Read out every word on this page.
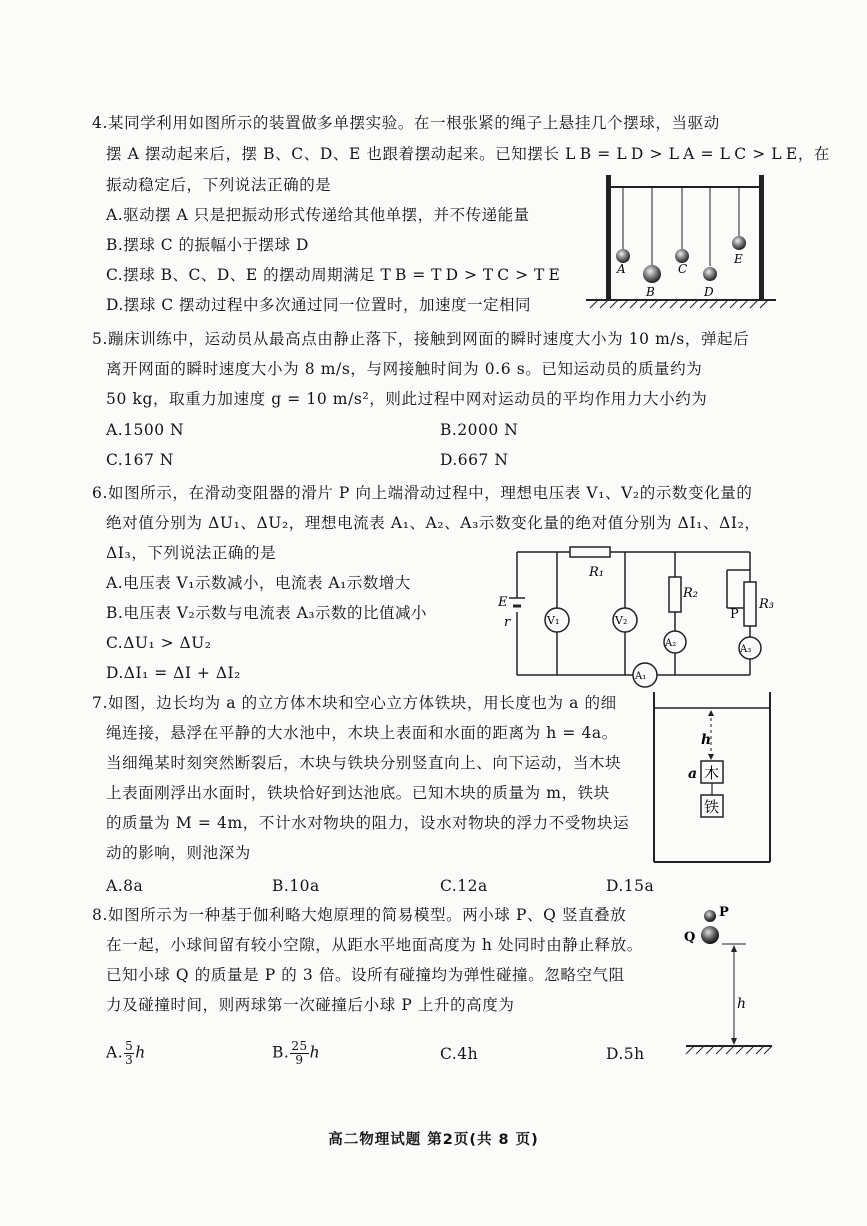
4.某同学利用如图所示的装置做多单摆实验。在一根张紧的绳子上悬挂几个摆球，当驱动
摆 A 摆动起来后，摆 B、C、D、E 也跟着摆动起来。已知摆长 L B = L D > L A = L C > L E，在
振动稳定后，下列说法正确的是
A.驱动摆 A 只是把振动形式传递给其他单摆，并不传递能量
B.摆球 C 的振幅小于摆球 D
C.摆球 B、C、D、E 的摆动周期满足 T B = T D > T C > T E
D.摆球 C 摆动过程中多次通过同一位置时，加速度一定相同
A
B
C
D
E
5.蹦床训练中，运动员从最高点由静止落下，接触到网面的瞬时速度大小为 10 m/s，弹起后
离开网面的瞬时速度大小为 8 m/s，与网接触时间为 0.6 s。已知运动员的质量约为
50 kg，取重力加速度 g = 10 m/s²，则此过程中网对运动员的平均作用力大小约为
A.1500 N	B.2000 N
C.167 N	D.667 N
6.如图所示，在滑动变阻器的滑片 P 向上端滑动过程中，理想电压表 V₁、V₂的示数变化量的
绝对值分别为 ΔU₁、ΔU₂，理想电流表 A₁、A₂、A₃示数变化量的绝对值分别为 ΔI₁、ΔI₂，
ΔI₃，下列说法正确的是
A.电压表 V₁示数减小，电流表 A₁示数增大
B.电压表 V₂示数与电流表 A₃示数的比值减小
C.ΔU₁ > ΔU₂
D.ΔI₁ = ΔI + ΔI₂
R₁
R₂
R₃
E
r
P
V₁	V₂
A₂
A₃
A₁
7.如图，边长均为 a 的立方体木块和空心立方体铁块，用长度也为 a 的细
绳连接，悬浮在平静的大水池中，木块上表面和水面的距离为 h = 4a。
当细绳某时刻突然断裂后，木块与铁块分别竖直向上、向下运动，当木块
上表面刚浮出水面时，铁块恰好到达池底。已知木块的质量为 m，铁块
的质量为 M = 4m，不计水对物块的阻力，设水对物块的浮力不受物块运
动的影响，则池深为
A.8a	B.10a	C.12a	D.15a
h
木
a
铁
8.如图所示为一种基于伽利略大炮原理的简易模型。两小球 P、Q 竖直叠放
在一起，小球间留有较小空隙，从距水平地面高度为 h 处同时由静止释放。
已知小球 Q 的质量是 P 的 3 倍。设所有碰撞均为弹性碰撞。忽略空气阻
力及碰撞时间，则两球第一次碰撞后小球 P 上升的高度为
A. $\frac{5}{3}$ h	B. $\frac{25}{9}$ h	C.4h	D.5h
P
Q
h
高二物理试题 第2页(共 8 页)
